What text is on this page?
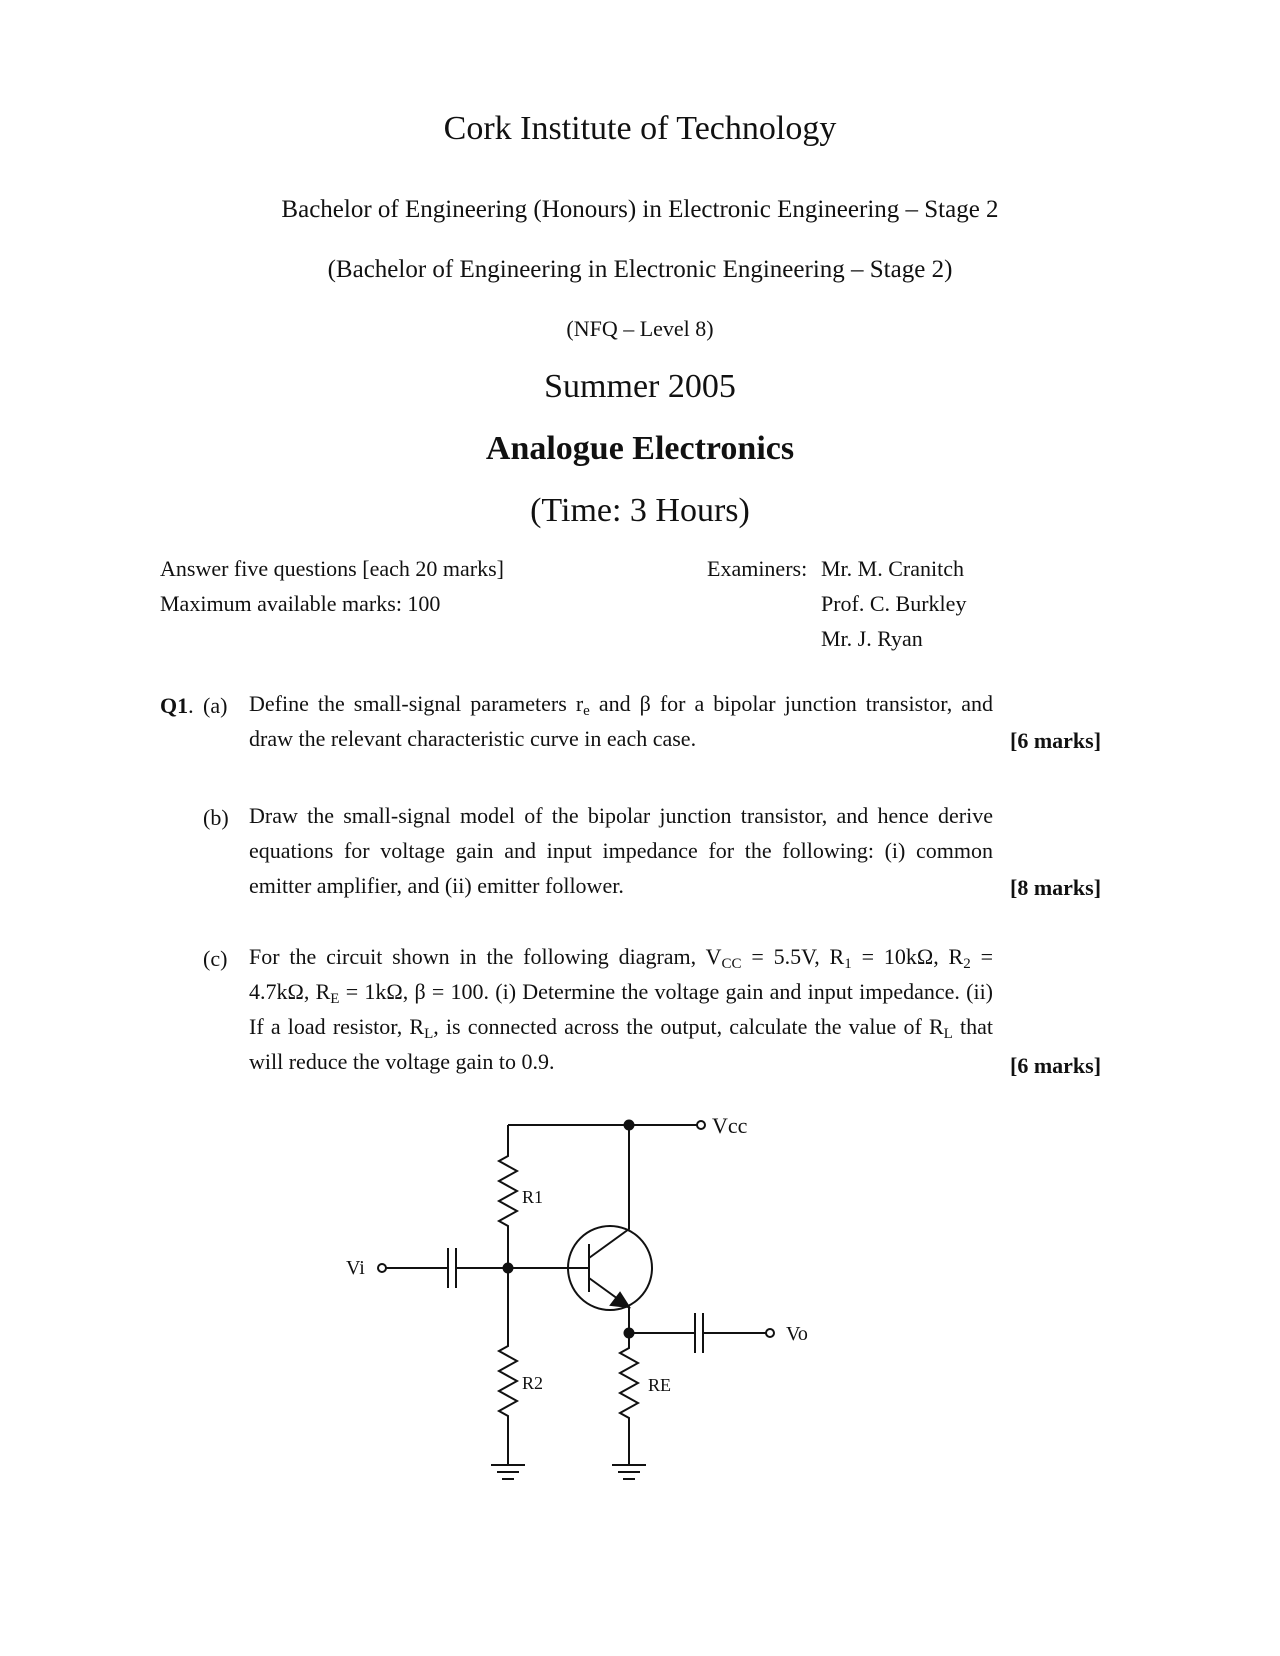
Cork Institute of Technology
Bachelor of Engineering (Honours) in Electronic Engineering – Stage 2
(Bachelor of Engineering in Electronic Engineering – Stage 2)
(NFQ – Level 8)
Summer 2005
Analogue Electronics
(Time: 3 Hours)
Answer five questions [each 20 marks]
Maximum available marks: 100
Examiners: Mr. M. Cranitch
Prof. C. Burkley
Mr. J. Ryan
Q1. (a) Define the small-signal parameters $r_e$ and β for a bipolar junction transistor, and draw the relevant characteristic curve in each case.	[6 marks]
(b) Draw the small-signal model of the bipolar junction transistor, and hence derive equations for voltage gain and input impedance for the following: (i) common emitter amplifier, and (ii) emitter follower.	[8 marks]
(c) For the circuit shown in the following diagram, $V_{CC} = 5.5V$, $R_1 = 10k\Omega$, $R_2 = 4.7k\Omega$, $R_E = 1k\Omega$, β = 100. (i) Determine the voltage gain and input impedance. (ii) If a load resistor, $R_L$, is connected across the output, calculate the value of $R_L$ that will reduce the voltage gain to 0.9.	[6 marks]
Vcc
R1
Vi
R2
Vo
RE
